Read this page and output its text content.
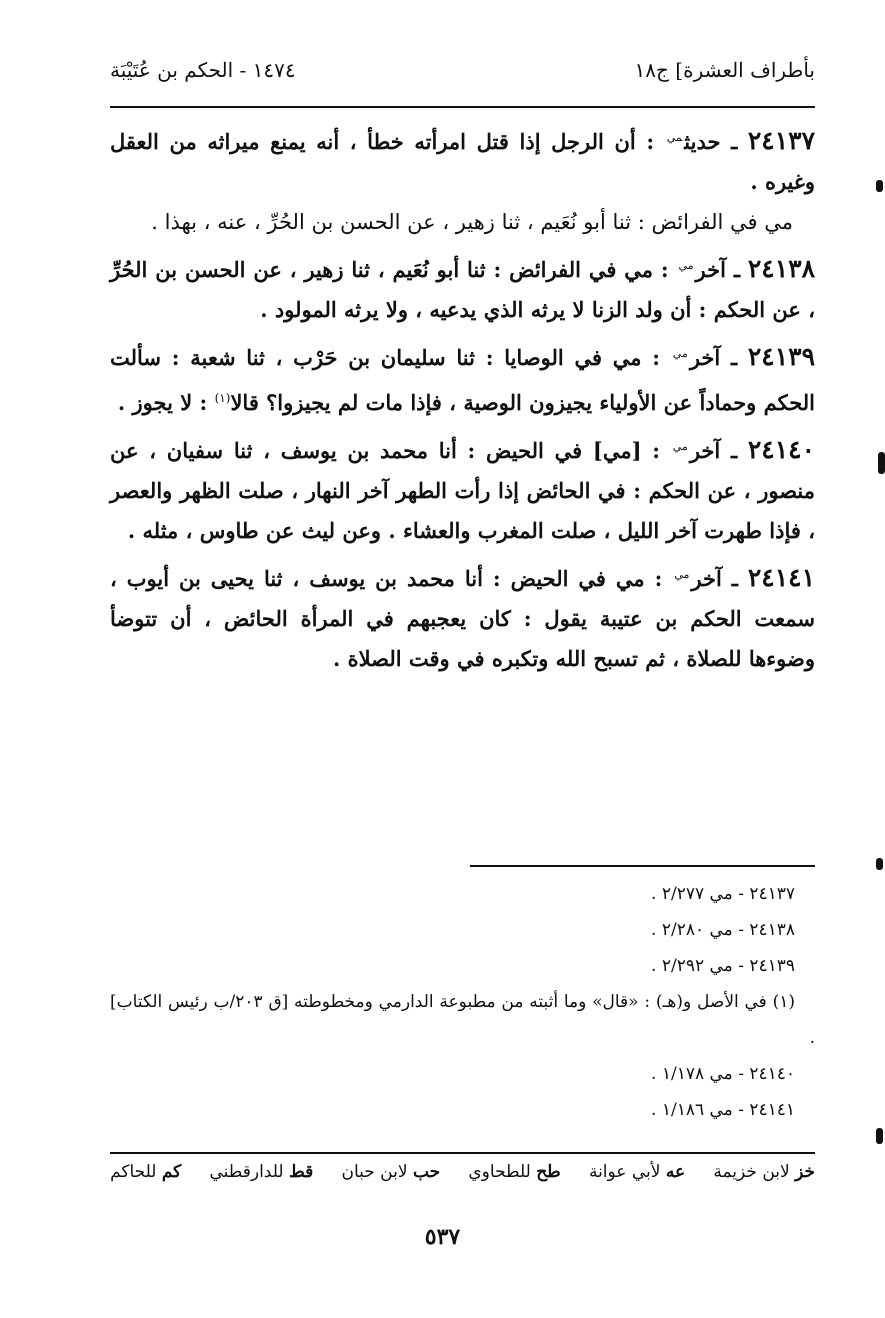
بأطراف العشرة] ج١٨
١٤٧٤ - الحكم بن عُتَيْبَة
٢٤١٣٧ ـ حديث$^{مي}$ : أن الرجل إذا قتل امرأته خطأ ، أنه يمنع ميراثه من العقل وغيره .
مي في الفرائض : ثنا أبو نُعَيم ، ثنا زهير ، عن الحسن بن الحُرِّ ، عنه ، بهذا .
٢٤١٣٨ ـ آخر$^{مي}$ : مي في الفرائض : ثنا أبو نُعَيم ، ثنا زهير ، عن الحسن بن الحُرِّ ، عن الحكم : أن ولد الزنا لا يرثه الذي يدعيه ، ولا يرثه المولود .
٢٤١٣٩ ـ آخر$^{مي}$ : مي في الوصايا : ثنا سليمان بن حَرْب ، ثنا شعبة : سألت الحكم وحماداً عن الأولياء يجيزون الوصية ، فإذا مات لم يجيزوا؟ قالا$^{(١)}$ : لا يجوز .
٢٤١٤٠ ـ آخر$^{مي}$ : [مي] في الحيض : أنا محمد بن يوسف ، ثنا سفيان ، عن منصور ، عن الحكم : في الحائض إذا رأت الطهر آخر النهار ، صلت الظهر والعصر ، فإذا طهرت آخر الليل ، صلت المغرب والعشاء . وعن ليث عن طاوس ، مثله .
٢٤١٤١ ـ آخر$^{مي}$ : مي في الحيض : أنا محمد بن يوسف ، ثنا يحيى بن أيوب ، سمعت الحكم بن عتيبة يقول : كان يعجبهم في المرأة الحائض ، أن تتوضأ وضوءها للصلاة ، ثم تسبح الله وتكبره في وقت الصلاة .
٢٤١٣٧ - مي ٢/٢٧٧ .
٢٤١٣٨ - مي ٢/٢٨٠ .
٢٤١٣٩ - مي ٢/٢٩٢ .
(١) في الأصل و(هـ) : «قال» وما أثبته من مطبوعة الدارمي ومخطوطته [ق ٢٠٣/ب رئيس الكتاب] .
٢٤١٤٠ - مي ١/١٧٨ .
٢٤١٤١ - مي ١/١٨٦ .
خز لابن خزيمة
عه لأبي عوانة
طح للطحاوي
حب لابن حبان
قط للدارقطني
كم للحاكم
٥٣٧
